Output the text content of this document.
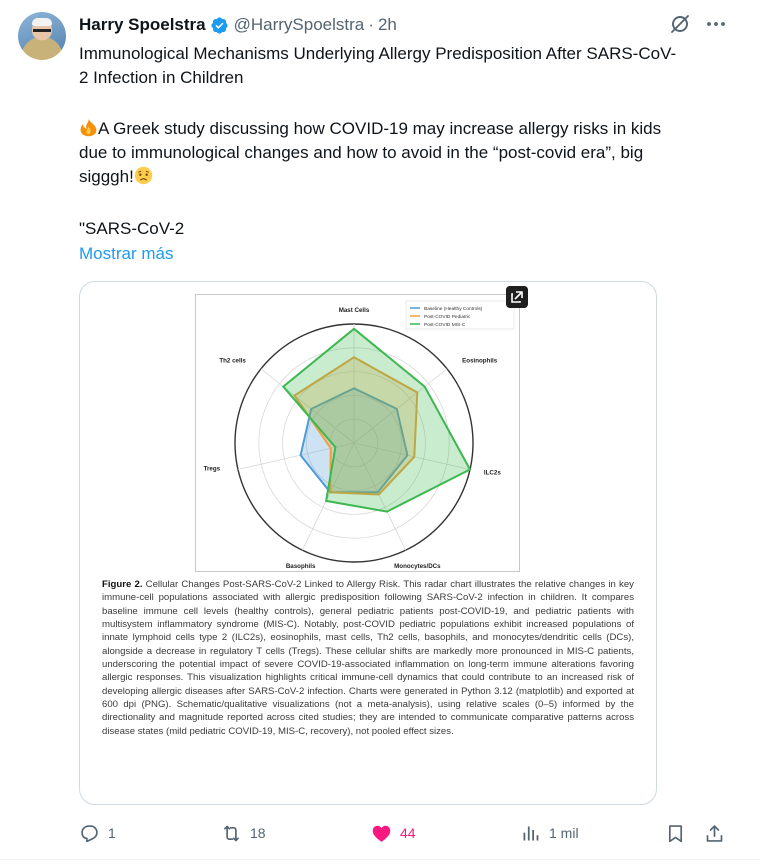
Harry Spoelstra @HarrySpoelstra · 2h
Immunological Mechanisms Underlying Allergy Predisposition After SARS-CoV-2 Infection in Children
A Greek study discussing how COVID-19 may increase allergy risks in kids due to immunological changes and how to avoid in the “post-covid era”, big sigggh!
"SARS-CoV-2
Mostrar más
Mast Cells
Eosinophils
ILC2s
Monocytes/DCs
Basophils
Tregs
Th2 cells
Baseline (Healthy Controls)
Post-COVID Pediatric
Post-COVID MIS-C
Figure 2. Cellular Changes Post-SARS-CoV-2 Linked to Allergy Risk. This radar chart illustrates the relative changes in key immune-cell populations associated with allergic predisposition following SARS-CoV-2 infection in children. It compares baseline immune cell levels (healthy controls), general pediatric patients post-COVID-19, and pediatric patients with multisystem inflammatory syndrome (MIS-C). Notably, post-COVID pediatric populations exhibit increased populations of innate lymphoid cells type 2 (ILC2s), eosinophils, mast cells, Th2 cells, basophils, and monocytes/dendritic cells (DCs), alongside a decrease in regulatory T cells (Tregs). These cellular shifts are markedly more pronounced in MIS-C patients, underscoring the potential impact of severe COVID-19-associated inflammation on long-term immune alterations favoring allergic responses. This visualization highlights critical immune-cell dynamics that could contribute to an increased risk of developing allergic diseases after SARS-CoV-2 infection. Charts were generated in Python 3.12 (matplotlib) and exported at 600 dpi (PNG). Schematic/qualitative visualizations (not a meta-analysis), using relative scales (0–5) informed by the directionality and magnitude reported across cited studies; they are intended to communicate comparative patterns across disease states (mild pediatric COVID-19, MIS-C, recovery), not pooled effect sizes.
1	18	44	1 mil
